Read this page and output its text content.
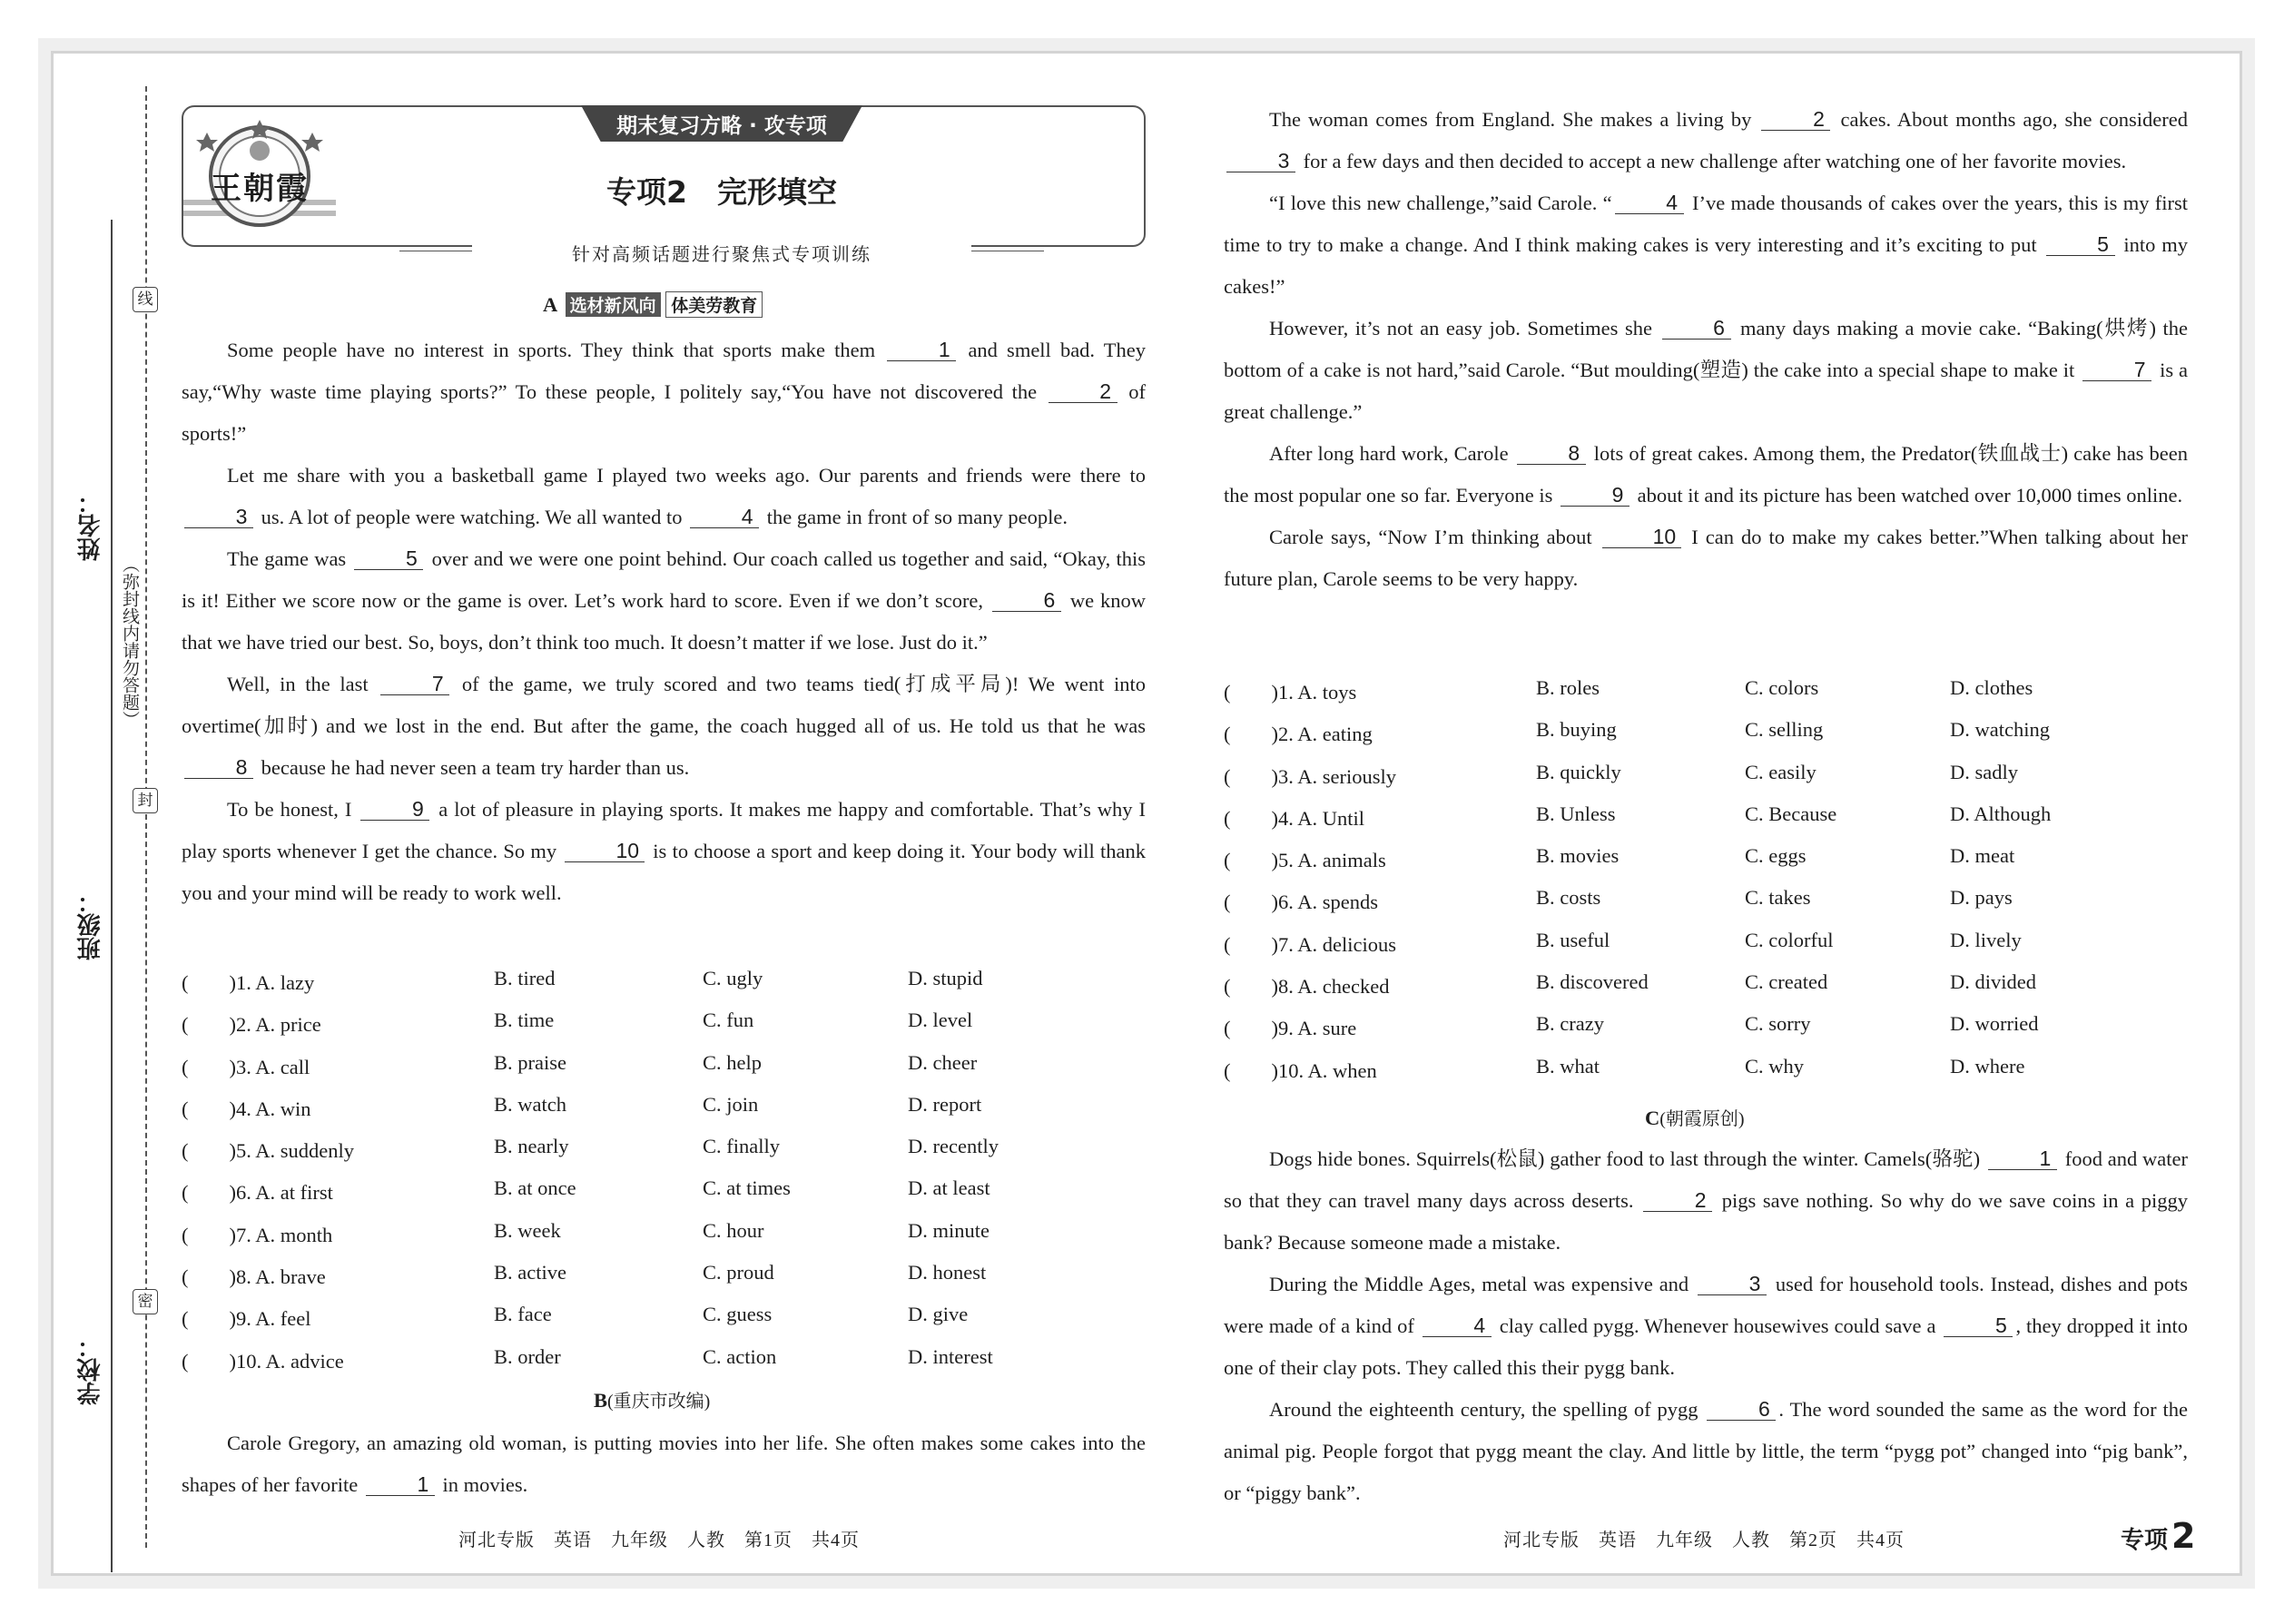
线
封
密
（弥封线内请勿答题）
姓名：
班级：
学校：
王朝霞
期末复习方略 · 攻专项
专项2　完形填空
针对高频话题进行聚焦式专项训练
A 选材新风向 体美劳教育

Some people have no interest in sports. They think that sports make them	1 and smell bad. They say,“Why waste time playing sports?” To these people, I politely say,“You have not discovered the	2 of sports!”

Let me share with you a basketball game I played two weeks ago. Our parents and friends were there to 3 us. A lot of people were watching. We all wanted to	4 the game in front of so many people.

The game was	5 over and we were one point behind. Our coach called us together and said, “Okay, this is it! Either we score now or the game is over. Let’s work hard to score. Even if we don’t score,	6 we know that we have tried our best. So, boys, don’t think too much. It doesn’t matter if we lose. Just do it.”

Well, in the last	7 of the game, we truly scored and two teams tied(打成平局)! We went into overtime(加时) and we lost in the end. But after the game, the coach hugged all of us. He told us that he was 8 because he had never seen a team try harder than us.

To be honest, I	9 a lot of pleasure in playing sports. It makes me happy and comfortable. That’s why I play sports whenever I get the chance. So my	10 is to choose a sport and keep doing it. Your body will thank you and your mind will be ready to work well.

(　　)1. A. lazy	B. tired	C. ugly	D. stupid
(　　)2. A. price	B. time	C. fun	D. level
(　　)3. A. call	B. praise	C. help	D. cheer
(　　)4. A. win	B. watch	C. join	D. report
(　　)5. A. suddenly	B. nearly	C. finally	D. recently
(　　)6. A. at first	B. at once	C. at times	D. at least
(　　)7. A. month	B. week	C. hour	D. minute
(　　)8. A. brave	B. active	C. proud	D. honest
(　　)9. A. feel	B. face	C. guess	D. give
(　　)10. A. advice	B. order	C. action	D. interest
B(重庆市改编)

Carole Gregory, an amazing old woman, is putting movies into her life. She often makes some cakes into the shapes of her favorite	1 in movies.

河北专版　英语　九年级　人教　第1页　共4页

The woman comes from England. She makes a living by	2 cakes. About months ago, she considered 3 for a few days and then decided to accept a new challenge after watching one of her favorite movies.

“I love this new challenge,”said Carole. “	4 I’ve made thousands of cakes over the years, this is my first time to try to make a change. And I think making cakes is very interesting and it’s exciting to put	5 into my cakes!”

However, it’s not an easy job. Sometimes she	6 many days making a movie cake. “Baking(烘烤) the bottom of a cake is not hard,”said Carole. “But moulding(塑造) the cake into a special shape to make it	7 is a great challenge.”

After long hard work, Carole	8 lots of great cakes. Among them, the Predator(铁血战士) cake has been the most popular one so far. Everyone is	9 about it and its picture has been watched over 10,000 times online.

Carole says, “Now I’m thinking about	10 I can do to make my cakes better.”When talking about her future plan, Carole seems to be very happy.

(　　)1. A. toys	B. roles	C. colors	D. clothes
(　　)2. A. eating	B. buying	C. selling	D. watching
(　　)3. A. seriously	B. quickly	C. easily	D. sadly
(　　)4. A. Until	B. Unless	C. Because	D. Although
(　　)5. A. animals	B. movies	C. eggs	D. meat
(　　)6. A. spends	B. costs	C. takes	D. pays
(　　)7. A. delicious	B. useful	C. colorful	D. lively
(　　)8. A. checked	B. discovered	C. created	D. divided
(　　)9. A. sure	B. crazy	C. sorry	D. worried
(　　)10. A. when	B. what	C. why	D. where
C(朝霞原创)

Dogs hide bones. Squirrels(松鼠) gather food to last through the winter. Camels(骆驼)	1 food and water so that they can travel many days across deserts.	2 pigs save nothing. So why do we save coins in a piggy bank? Because someone made a mistake.

During the Middle Ages, metal was expensive and	3 used for household tools. Instead, dishes and pots were made of a kind of	4 clay called pygg. Whenever housewives could save a	5 , they dropped it into one of their clay pots. They called this their pygg bank.

Around the eighteenth century, the spelling of pygg	6 . The word sounded the same as the word for the animal pig. People forgot that pygg meant the clay. And little by little, the term “pygg pot” changed into “pig bank”, or “piggy bank”.

河北专版　英语　九年级　人教　第2页　共4页	专项 2
